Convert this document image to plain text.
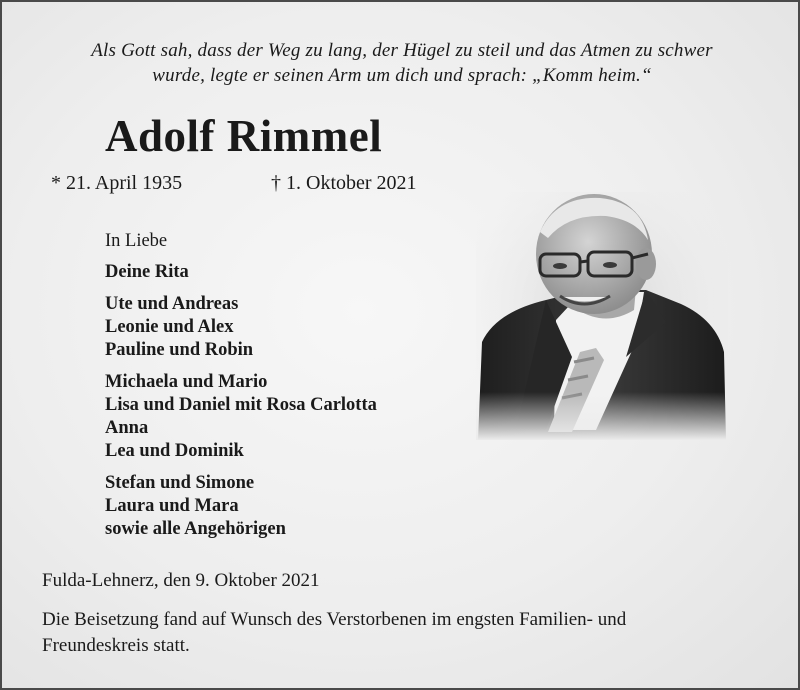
Als Gott sah, dass der Weg zu lang, der Hügel zu steil und das Atmen zu schwer
wurde, legte er seinen Arm um dich und sprach: „Komm heim.“
Adolf Rimmel
* 21. April 1935	† 1. Oktober 2021
In Liebe
Deine Rita
Ute und Andreas
Leonie und Alex
Pauline und Robin
Michaela und Mario
Lisa und Daniel mit Rosa Carlotta
Anna
Lea und Dominik
Stefan und Simone
Laura und Mara
sowie alle Angehörigen
Fulda-Lehnerz, den 9. Oktober 2021
Die Beisetzung fand auf Wunsch des Verstorbenen im engsten Familien- und
Freundeskreis statt.
